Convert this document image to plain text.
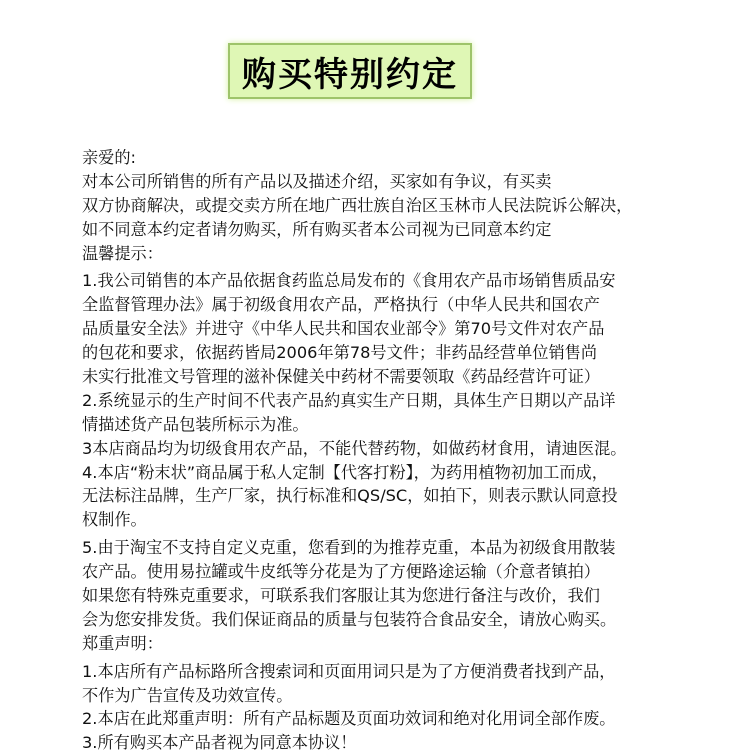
购买特别约定
亲爱的:
对本公司所销售的所有产品以及描述介绍，买家如有争议，有买卖
双方协商解决，或提交卖方所在地广西壮族自治区玉林市人民法院诉公解决，
如不同意本约定者请勿购买，所有购买者本公司视为已同意本约定
温馨提示：
1.我公司销售的本产品依据食药监总局发布的《食用农产品市场销售质品安
全监督管理办法》属于初级食用农产品，严格执行（中华人民共和国农产
品质量安全法》并进守《中华人民共和国农业部令》第70号文件对农产品
的包花和要求，依据药皆局2006年第78号文件；非药品经营单位销售尚
未实行批准文号管理的滋补保健关中药材不需要领取《药品经营许可证）
2.系统显示的生产时间不代表产品約真实生产日期，具体生产日期以产品详
情描述货产品包装所标示为准。
3本店商品均为切级食用农产品，不能代替药物，如做药材食用，请迪医混。
4.本店“粉末状”商品属于私人定制【代客打粉】，为药用植物初加工而成，
无法标注品牌，生产厂家，执行标准和QS/SC，如拍下，则表示默认同意投
权制作。
5.由于淘宝不支持自定义克重，您看到的为推荐克重，本品为初级食用散装
农产品。使用易拉罐或牛皮纸等分花是为了方便路途运输（介意者镇拍）
如果您有特殊克重要求，可联系我们客服让其为您进行备注与改价，我们
会为您安排发货。我们保证商品的质量与包装符合食品安全，请放心购买。
郑重声明：
1.本店所有产品标路所含搜索词和页面用词只是为了方便消费者找到产品，
不作为广告宣传及功效宣传。
2.本店在此郑重声明：所有产品标题及页面功效词和绝对化用词全部作废。
3.所有购买本产品者视为同意本协议！
